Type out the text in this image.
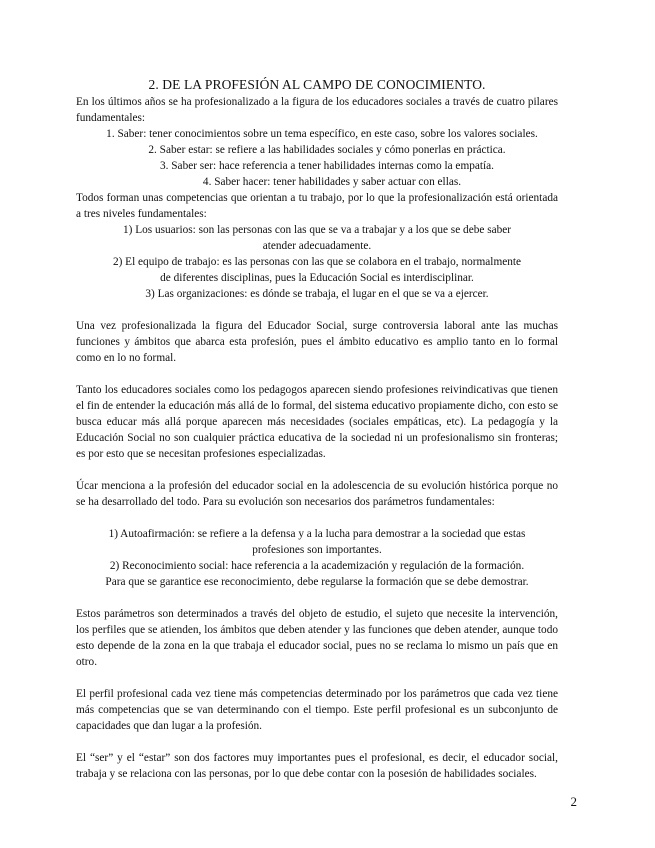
2. DE LA PROFESIÓN AL CAMPO DE CONOCIMIENTO.

En los últimos años se ha profesionalizado a la figura de los educadores sociales a través de cuatro pilares fundamentales:

1. Saber: tener conocimientos sobre un tema específico, en este caso, sobre los valores sociales.
2. Saber estar: se refiere a las habilidades sociales y cómo ponerlas en práctica.
3. Saber ser: hace referencia a tener habilidades internas como la empatía.
4. Saber hacer: tener habilidades y saber actuar con ellas.

Todos forman unas competencias que orientan a tu trabajo, por lo que la profesionalización está orientada a tres niveles fundamentales:

1) Los usuarios: son las personas con las que se va a trabajar y a los que se debe saber atender adecuadamente.
2) El equipo de trabajo: es las personas con las que se colabora en el trabajo, normalmente de diferentes disciplinas, pues la Educación Social es interdisciplinar.
3) Las organizaciones: es dónde se trabaja, el lugar en el que se va a ejercer.

Una vez profesionalizada la figura del Educador Social, surge controversia laboral ante las muchas funciones y ámbitos que abarca esta profesión, pues el ámbito educativo es amplio tanto en lo formal como en lo no formal.

Tanto los educadores sociales como los pedagogos aparecen siendo profesiones reivindicativas que tienen el fin de entender la educación más allá de lo formal, del sistema educativo propiamente dicho, con esto se busca educar más allá porque aparecen más necesidades (sociales empáticas, etc). La pedagogía y la Educación Social no son cualquier práctica educativa de la sociedad ni un profesionalismo sin fronteras; es por esto que se necesitan profesiones especializadas.

Úcar menciona a la profesión del educador social en la adolescencia de su evolución histórica porque no se ha desarrollado del todo. Para su evolución son necesarios dos parámetros fundamentales:

1) Autoafirmación: se refiere a la defensa y a la lucha para demostrar a la sociedad que estas profesiones son importantes.
2) Reconocimiento social: hace referencia a la academización y regulación de la formación. Para que se garantice ese reconocimiento, debe regularse la formación que se debe demostrar.

Estos parámetros son determinados a través del objeto de estudio, el sujeto que necesite la intervención, los perfiles que se atienden, los ámbitos que deben atender y las funciones que deben atender, aunque todo esto depende de la zona en la que trabaja el educador social, pues no se reclama lo mismo un país que en otro.

El perfil profesional cada vez tiene más competencias determinado por los parámetros que cada vez tiene más competencias que se van determinando con el tiempo. Este perfil profesional es un subconjunto de capacidades que dan lugar a la profesión.

El “ser” y el “estar” son dos factores muy importantes pues el profesional, es decir, el educador social, trabaja y se relaciona con las personas, por lo que debe contar con la posesión de habilidades sociales.

2
